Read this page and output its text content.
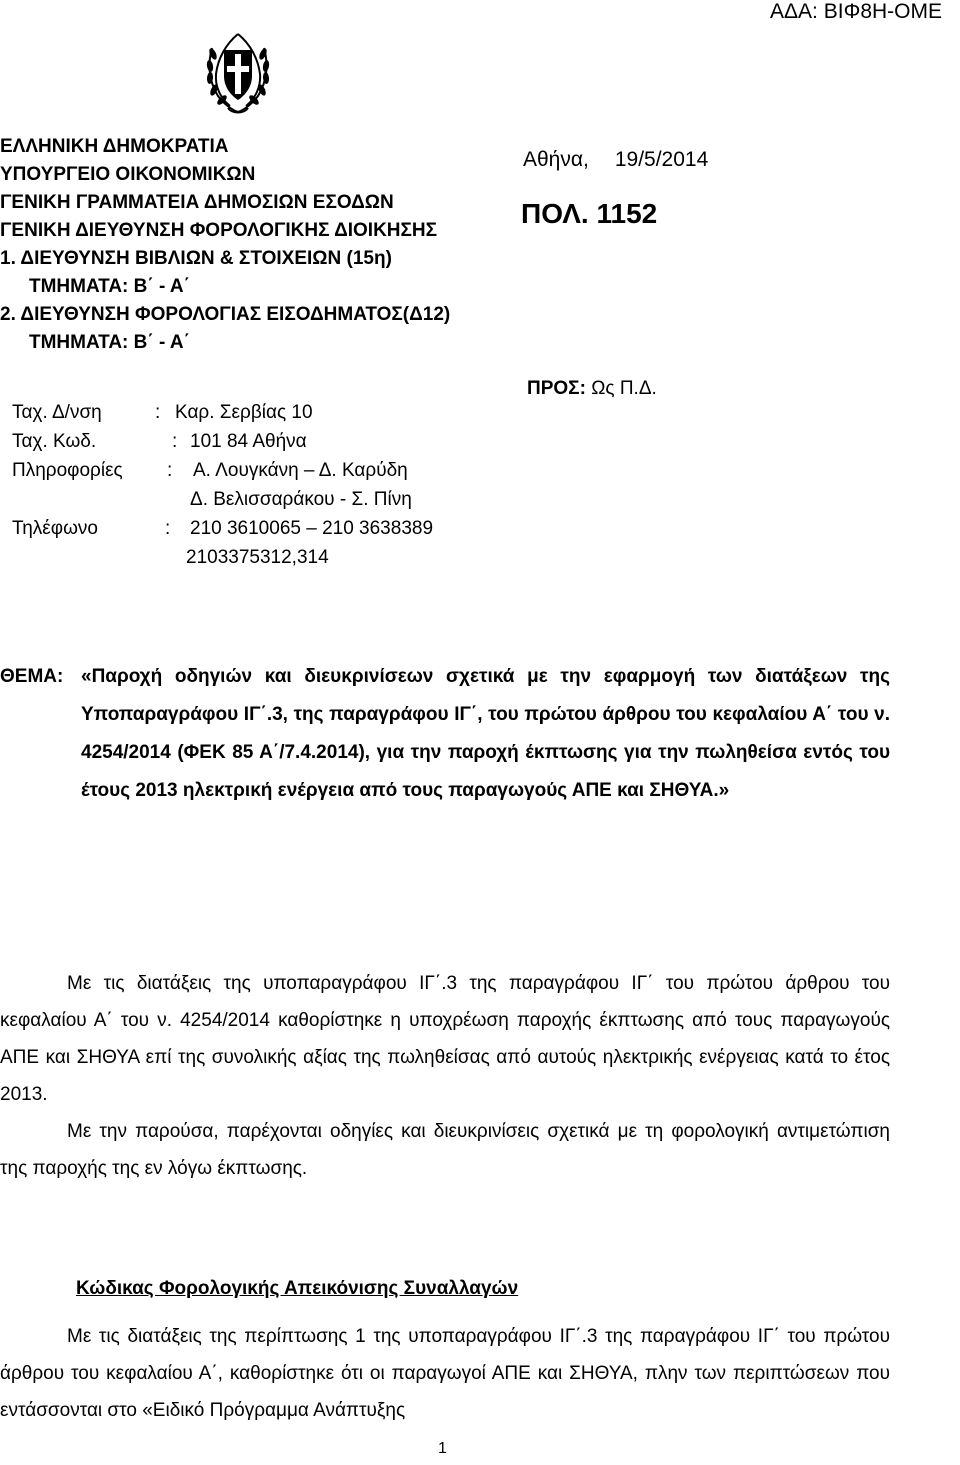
ΑΔΑ: ΒΙΦ8Η-ΟΜΕ
ΕΛΛΗΝΙΚΗ ΔΗΜΟΚΡΑΤΙΑ
ΥΠΟΥΡΓΕΙΟ ΟΙΚΟΝΟΜΙΚΩΝ
ΓΕΝΙΚΗ ΓΡΑΜΜΑΤΕΙΑ ΔΗΜΟΣΙΩΝ ΕΣΟΔΩΝ
ΓΕΝΙΚΗ ΔΙΕΥΘΥΝΣΗ ΦΟΡΟΛΟΓΙΚΗΣ ΔΙΟΙΚΗΣΗΣ
1. ΔΙΕΥΘΥΝΣΗ ΒΙΒΛΙΩΝ & ΣΤΟΙΧΕΙΩΝ (15η)
ΤΜΗΜΑΤΑ: Β΄ - Α΄
2. ΔΙΕΥΘΥΝΣΗ ΦΟΡΟΛΟΓΙΑΣ ΕΙΣΟΔΗΜΑΤΟΣ(Δ12)
ΤΜΗΜΑΤΑ: Β΄ - Α΄
Ταχ. Δ/νση	: Καρ. Σερβίας 10
Ταχ. Κωδ.	: 101 84 Αθήνα
Πληροφορίες : Α. Λουγκάνη – Δ. Καρύδη
Δ. Βελισσαράκου - Σ. Πίνη
Τηλέφωνο	: 210 3610065 – 210 3638389
2103375312,314
Αθήνα, 19/5/2014
ΠΟΛ. 1152
ΠΡΟΣ: Ως Π.Δ.
ΘΕΜΑ: «Παροχή οδηγιών και διευκρινίσεων σχετικά με την εφαρμογή των διατάξεων της Υποπαραγράφου ΙΓ΄.3, της παραγράφου ΙΓ΄, του πρώτου άρθρου του κεφαλαίου Α΄ του ν. 4254/2014 (ΦΕΚ 85 Α΄/7.4.2014), για την παροχή έκπτωσης για την πωληθείσα εντός του έτους 2013 ηλεκτρική ενέργεια από τους παραγωγούς ΑΠΕ και ΣΗΘΥΑ.»

Με τις διατάξεις της υποπαραγράφου ΙΓ΄.3 της παραγράφου ΙΓ΄ του πρώτου άρθρου του κεφαλαίου Α΄ του ν. 4254/2014 καθορίστηκε η υποχρέωση παροχής έκπτωσης από τους παραγωγούς ΑΠΕ και ΣΗΘΥΑ επί της συνολικής αξίας της πωληθείσας από αυτούς ηλεκτρικής ενέργειας κατά το έτος 2013.

Με την παρούσα, παρέχονται οδηγίες και διευκρινίσεις σχετικά με τη φορολογική αντιμετώπιση της παροχής της εν λόγω έκπτωσης.

Κώδικας Φορολογικής Απεικόνισης Συναλλαγών

Με τις διατάξεις της περίπτωσης 1 της υποπαραγράφου ΙΓ΄.3 της παραγράφου ΙΓ΄ του πρώτου άρθρου του κεφαλαίου Α΄, καθορίστηκε ότι οι παραγωγοί ΑΠΕ και ΣΗΘΥΑ, πλην των περιπτώσεων που εντάσσονται στο «Ειδικό Πρόγραμμα Ανάπτυξης

1
